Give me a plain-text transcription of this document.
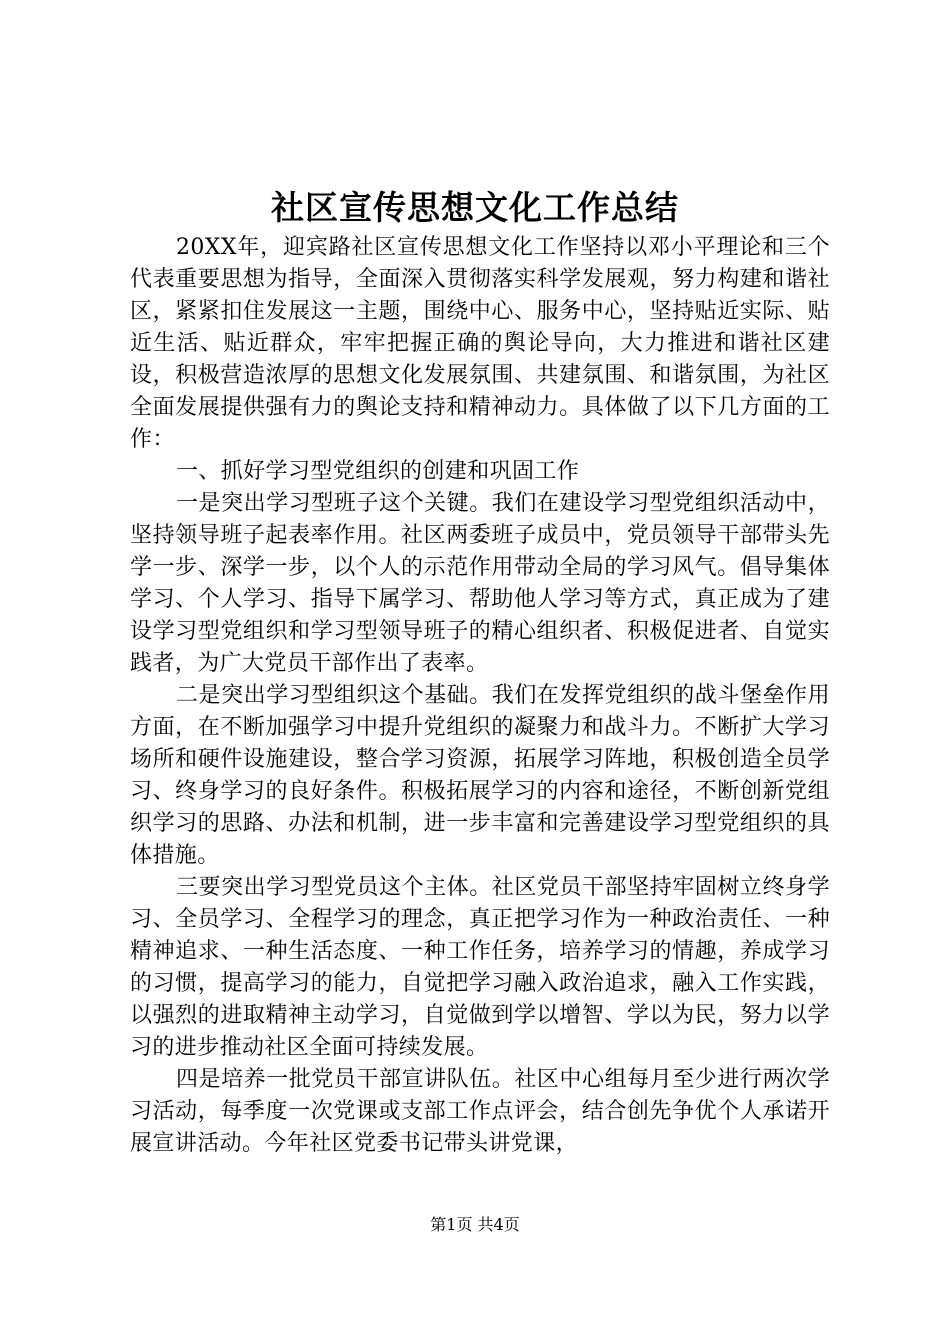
社区宣传思想文化工作总结

20XX年，迎宾路社区宣传思想文化工作坚持以邓小平理论和三个代表重要思想为指导，全面深入贯彻落实科学发展观，努力构建和谐社区，紧紧扣住发展这一主题，围绕中心、服务中心，坚持贴近实际、贴近生活、贴近群众，牢牢把握正确的舆论导向，大力推进和谐社区建设，积极营造浓厚的思想文化发展氛围、共建氛围、和谐氛围，为社区全面发展提供强有力的舆论支持和精神动力。具体做了以下几方面的工作：

一、抓好学习型党组织的创建和巩固工作

一是突出学习型班子这个关键。我们在建设学习型党组织活动中，坚持领导班子起表率作用。社区两委班子成员中，党员领导干部带头先学一步、深学一步，以个人的示范作用带动全局的学习风气。倡导集体学习、个人学习、指导下属学习、帮助他人学习等方式，真正成为了建设学习型党组织和学习型领导班子的精心组织者、积极促进者、自觉实践者，为广大党员干部作出了表率。

二是突出学习型组织这个基础。我们在发挥党组织的战斗堡垒作用方面，在不断加强学习中提升党组织的凝聚力和战斗力。不断扩大学习场所和硬件设施建设，整合学习资源，拓展学习阵地，积极创造全员学习、终身学习的良好条件。积极拓展学习的内容和途径，不断创新党组织学习的思路、办法和机制，进一步丰富和完善建设学习型党组织的具体措施。

三要突出学习型党员这个主体。社区党员干部坚持牢固树立终身学习、全员学习、全程学习的理念，真正把学习作为一种政治责任、一种精神追求、一种生活态度、一种工作任务，培养学习的情趣，养成学习的习惯，提高学习的能力，自觉把学习融入政治追求，融入工作实践，以强烈的进取精神主动学习，自觉做到学以增智、学以为民，努力以学习的进步推动社区全面可持续发展。

四是培养一批党员干部宣讲队伍。社区中心组每月至少进行两次学习活动，每季度一次党课或支部工作点评会，结合创先争优个人承诺开展宣讲活动。今年社区党委书记带头讲党课，

第1页 共4页
